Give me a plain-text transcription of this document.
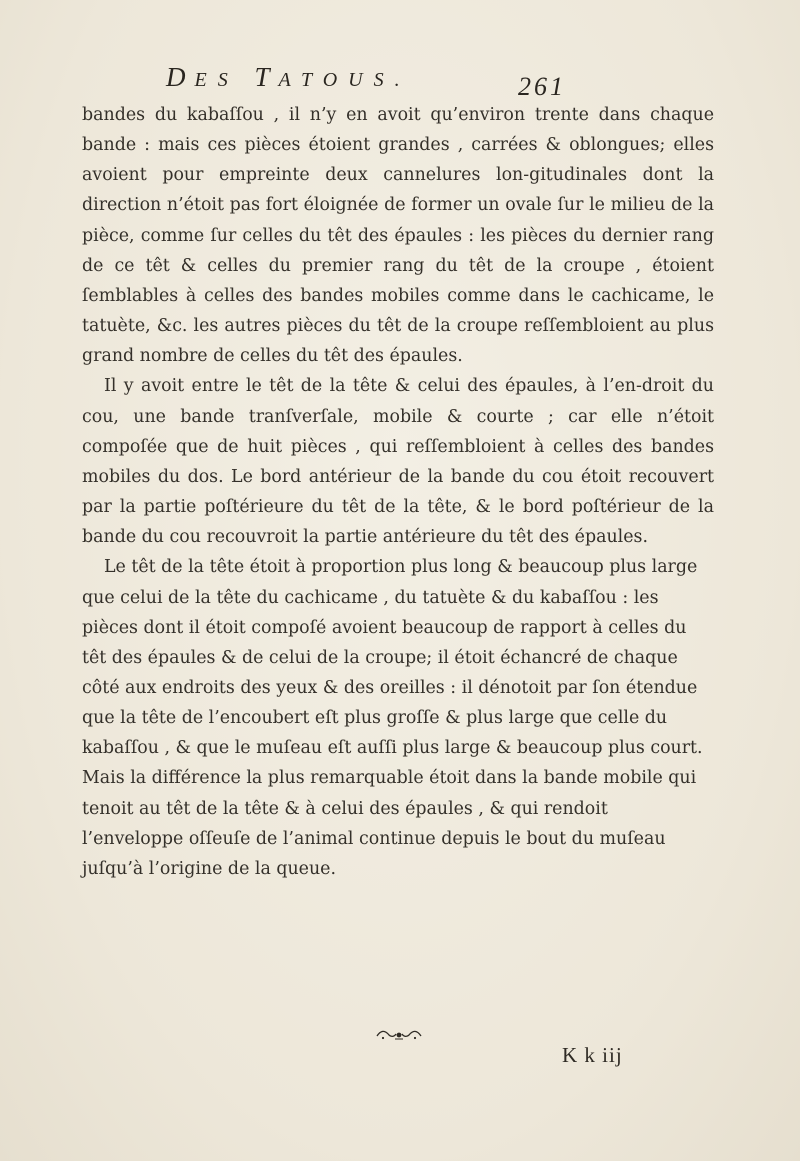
DES TATOUS.	261

bandes du kabaſſou , il n’y en avoit qu’environ trente dans chaque bande : mais ces pièces étoient grandes , carrées & oblongues; elles avoient pour empreinte deux cannelures lon-gitudinales dont la direction n’étoit pas fort éloignée de former un ovale ſur le milieu de la pièce, comme ſur celles du têt des épaules : les pièces du dernier rang de ce têt & celles du premier rang du têt de la croupe , étoient ſemblables à celles des bandes mobiles comme dans le cachicame, le tatuète, &c. les autres pièces du têt de la croupe reſſembloient au plus grand nombre de celles du têt des épaules.

Il y avoit entre le têt de la tête & celui des épaules, à l’en-droit du cou, une bande tranſverſale, mobile & courte ; car elle n’étoit compoſée que de huit pièces , qui reſſembloient à celles des bandes mobiles du dos. Le bord antérieur de la bande du cou étoit recouvert par la partie poſtérieure du têt de la tête, & le bord poſtérieur de la bande du cou recouvroit la partie antérieure du têt des épaules.

Le têt de la tête étoit à proportion plus long & beaucoup plus large que celui de la tête du cachicame , du tatuète & du kabaſſou : les pièces dont il étoit compoſé avoient beaucoup de rapport à celles du têt des épaules & de celui de la croupe; il étoit échancré de chaque côté aux endroits des yeux & des oreilles : il dénotoit par ſon étendue que la tête de l’encoubert eſt plus groſſe & plus large que celle du kabaſſou , & que le muſeau eſt auſſi plus large & beaucoup plus court. Mais la différence la plus remarquable étoit dans la bande mobile qui tenoit au têt de la tête & à celui des épaules , & qui rendoit l’enveloppe oſſeuſe de l’animal continue depuis le bout du muſeau juſqu’à l’origine de la queue.

K k iij
